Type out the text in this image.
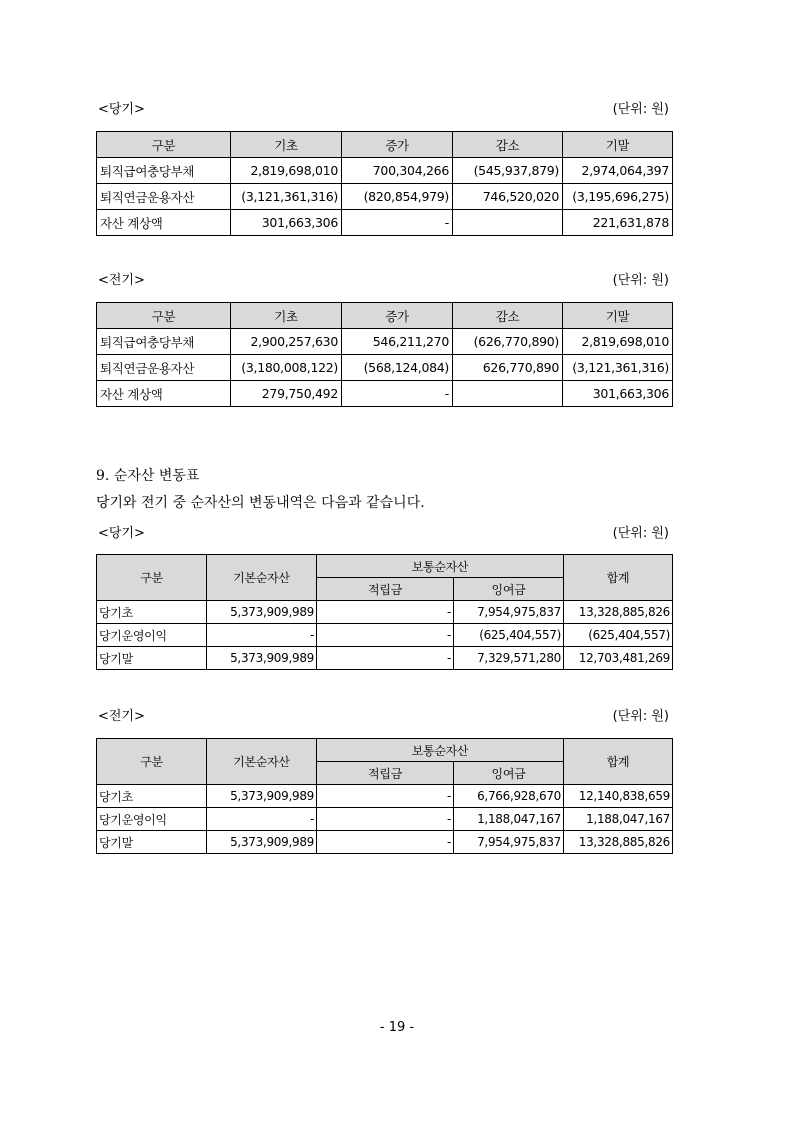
<당기>	(단위: 원)
구분	기초	증가	감소	기말
퇴직급여충당부채	2,819,698,010	700,304,266	(545,937,879)	2,974,064,397
퇴직연금운용자산	(3,121,361,316)	(820,854,979)	746,520,020	(3,195,696,275)
자산 계상액	301,663,306	-		221,631,878
<전기>	(단위: 원)
구분	기초	증가	감소	기말
퇴직급여충당부채	2,900,257,630	546,211,270	(626,770,890)	2,819,698,010
퇴직연금운용자산	(3,180,008,122)	(568,124,084)	626,770,890	(3,121,361,316)
자산 계상액	279,750,492	-		301,663,306
9. 순자산 변동표
당기와 전기 중 순자산의 변동내역은 다음과 같습니다.
<당기>	(단위: 원)
구분	기본순자산	보통순자산		합계
		적립금	잉여금	
당기초	5,373,909,989	-	7,954,975,837	13,328,885,826
당기운영이익	-	-	(625,404,557)	(625,404,557)
당기말	5,373,909,989	-	7,329,571,280	12,703,481,269
<전기>	(단위: 원)
구분	기본순자산	보통순자산		합계
		적립금	잉여금	
당기초	5,373,909,989	-	6,766,928,670	12,140,838,659
당기운영이익	-	-	1,188,047,167	1,188,047,167
당기말	5,373,909,989	-	7,954,975,837	13,328,885,826
- 19 -
